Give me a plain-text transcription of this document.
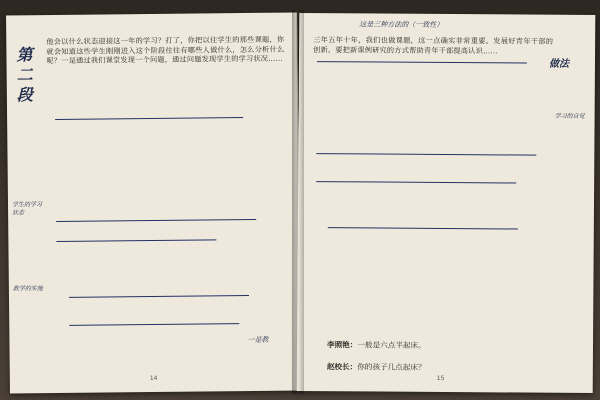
第二段
他会以什么状态迎接这一年的学习？打了，你把以往学生的那些课题，你就会知道这些学生刚刚进入这个阶段往往有哪些人做什么，怎么分析什么呢？一是通过我们课堂发现一个问题，通过问题发现学生的学习状况……
学生的学习状态
教学的实施
一是教
14
这是三种方法的（一致性）
做法
学习的自觉
三年五年十年，我们也做课题，这一点确实非常重要。发展好青年干部的创新，要把新课例研究的方式帮助青年干部提高认识……
李照艳：一般是六点半起床。
赵校长：你的孩子几点起床？
15
